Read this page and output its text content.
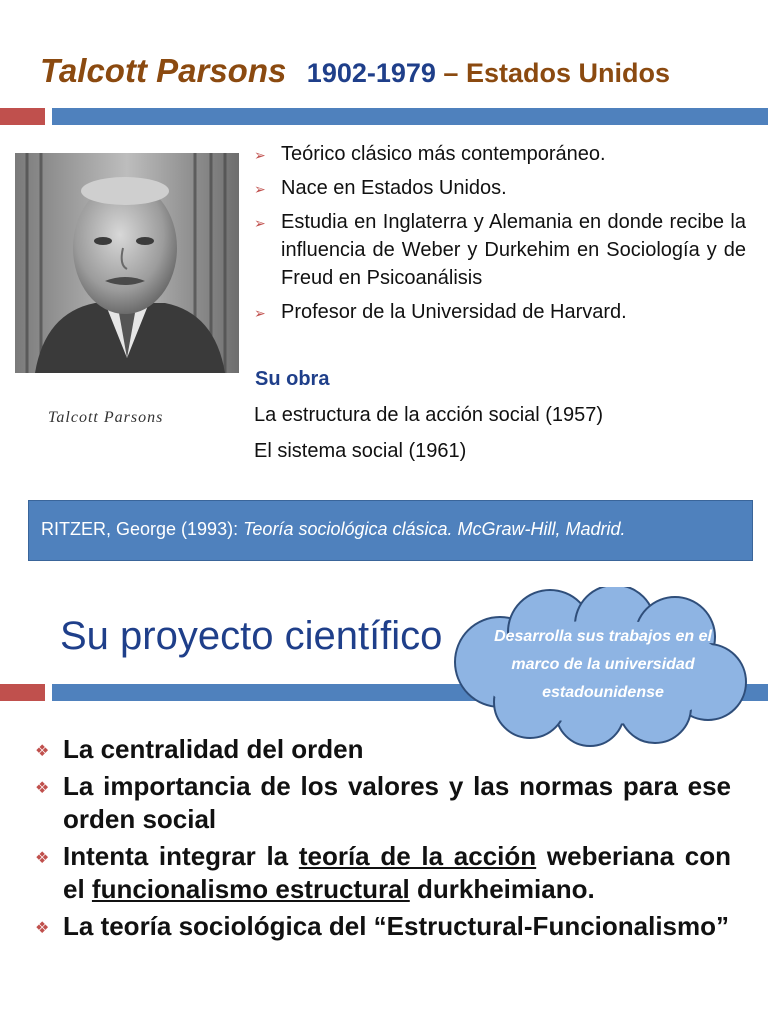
Talcott Parsons 1902-1979 – Estados Unidos
Talcott Parsons
➢ Teórico clásico más contemporáneo.
➢ Nace en Estados Unidos.
➢ Estudia en Inglaterra y Alemania en donde recibe la influencia de Weber y Durkehim en Sociología y de Freud en Psicoanálisis
➢ Profesor de la Universidad de Harvard.
Su obra
La estructura de la acción social (1957)
El sistema social (1961)
RITZER, George (1993): Teoría sociológica clásica. McGraw-Hill, Madrid.
Su proyecto científico	Desarrolla sus trabajos en el marco de la universidad estadounidense
❖ La centralidad del orden
❖ La importancia de los valores y las normas para ese orden social
❖ Intenta integrar la teoría de la acción weberiana con el funcionalismo estructural durkheimiano.
❖ La teoría sociológica del “Estructural-Funcionalismo”
